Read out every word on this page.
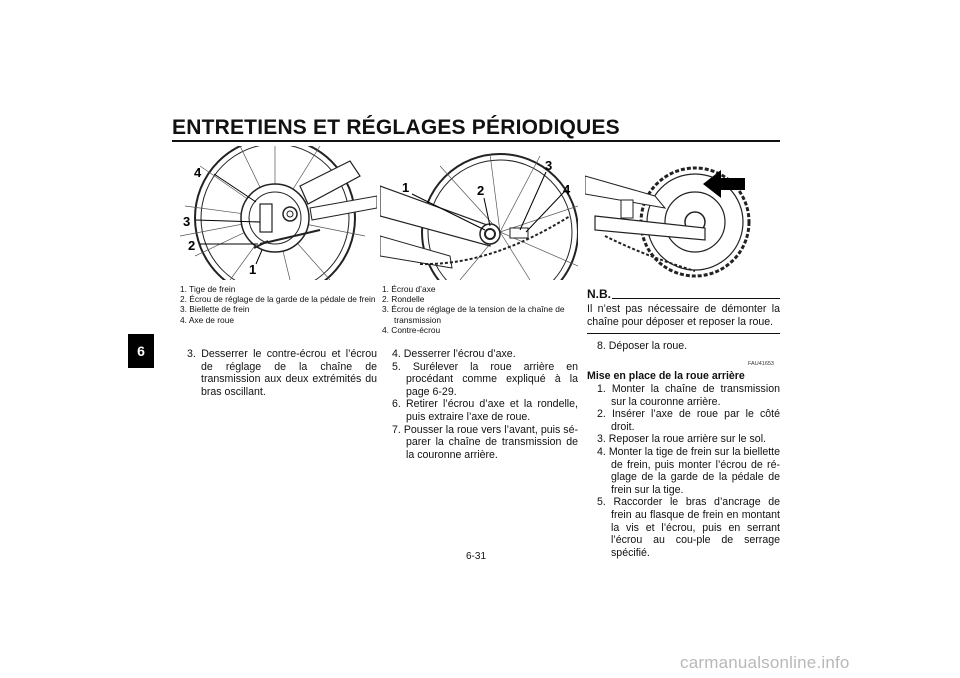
ENTRETIENS ET RÉGLAGES PÉRIODIQUES
6
4
3
2
1
1	2
3
4
1. Tige de frein
2. Écrou de réglage de la garde de la pédale de frein
3. Biellette de frein
4. Axe de roue
1. Écrou d’axe
2. Rondelle
3. Écrou de réglage de la tension de la chaîne de transmission
4. Contre-écrou

3. Desserrer le contre-écrou et l’écrou de réglage de la chaîne de transmission aux deux extrémités du bras oscillant.

4. Desserrer l’écrou d’axe.

5. Surélever la roue arrière en procédant comme expliqué à la page 6-29.

6. Retirer l’écrou d’axe et la rondelle, puis extraire l’axe de roue.

7. Pousser la roue vers l’avant, puis sé-parer la chaîne de transmission de la couronne arrière.

N.B.
Il n’est pas nécessaire de démonter la chaîne pour déposer et reposer la roue.

8. Déposer la roue.

FAU41653
Mise en place de la roue arrière

1. Monter la chaîne de transmission sur la couronne arrière.

2. Insérer l’axe de roue par le côté droit.

3. Reposer la roue arrière sur le sol.

4. Monter la tige de frein sur la biellette de frein, puis monter l’écrou de ré-glage de la garde de la pédale de frein sur la tige.

5. Raccorder le bras d’ancrage de frein au flasque de frein en montant la vis et l’écrou, puis en serrant l’écrou au cou-ple de serrage spécifié.

6-31
carmanualsonline.info
